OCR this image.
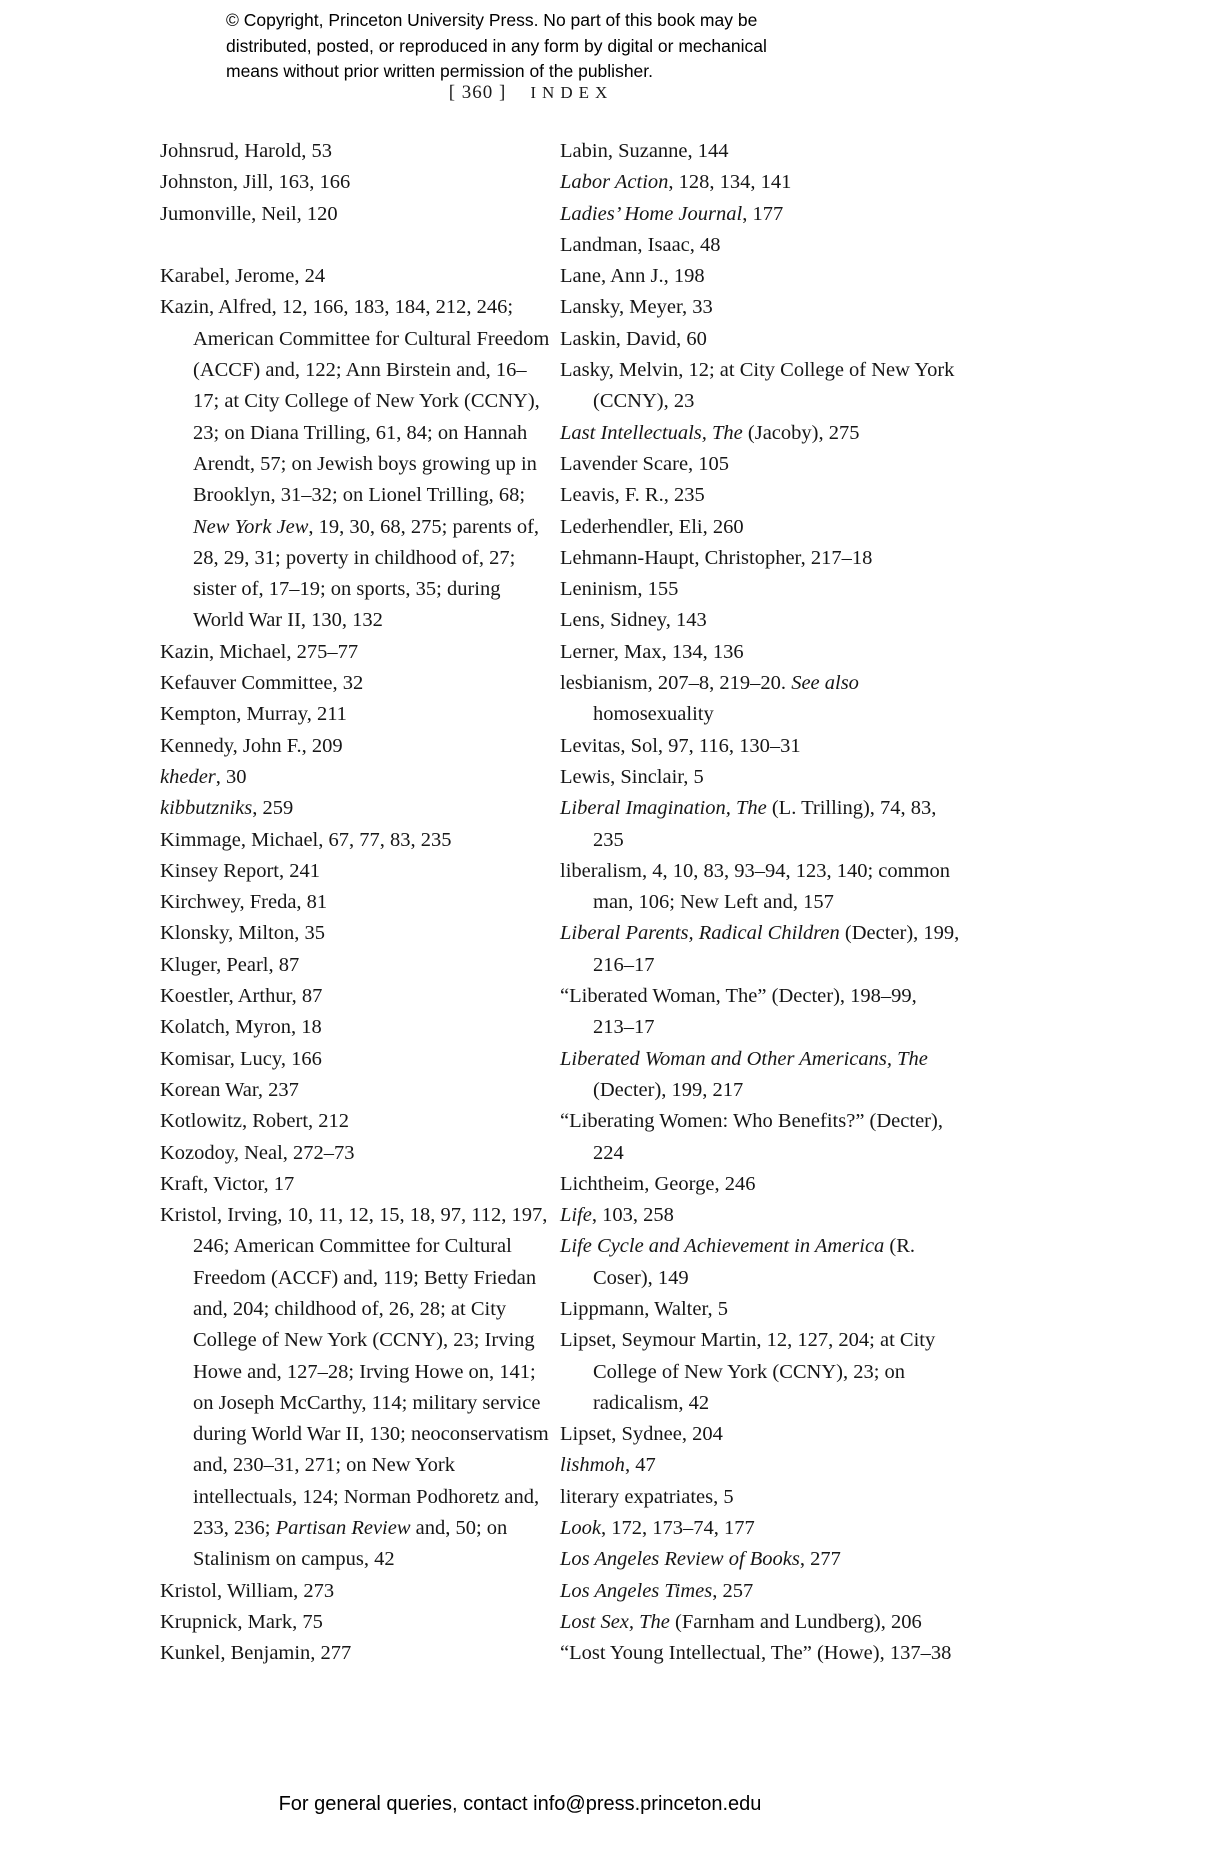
© Copyright, Princeton University Press. No part of this book may be
distributed, posted, or reproduced in any form by digital or mechanical
means without prior written permission of the publisher.
[ 360 ] INDEX
Johnsrud, Harold, 53
Johnston, Jill, 163, 166
Jumonville, Neil, 120
Karabel, Jerome, 24
Kazin, Alfred, 12, 166, 183, 184, 212, 246; American Committee for Cultural Freedom (ACCF) and, 122; Ann Birstein and, 16–17; at City College of New York (CCNY), 23; on Diana Trilling, 61, 84; on Hannah Arendt, 57; on Jewish boys growing up in Brooklyn, 31–32; on Lionel Trilling, 68; New York Jew, 19, 30, 68, 275; parents of, 28, 29, 31; poverty in childhood of, 27; sister of, 17–19; on sports, 35; during World War II, 130, 132
Kazin, Michael, 275–77
Kefauver Committee, 32
Kempton, Murray, 211
Kennedy, John F., 209
kheder, 30
kibbutzniks, 259
Kimmage, Michael, 67, 77, 83, 235
Kinsey Report, 241
Kirchwey, Freda, 81
Klonsky, Milton, 35
Kluger, Pearl, 87
Koestler, Arthur, 87
Kolatch, Myron, 18
Komisar, Lucy, 166
Korean War, 237
Kotlowitz, Robert, 212
Kozodoy, Neal, 272–73
Kraft, Victor, 17
Kristol, Irving, 10, 11, 12, 15, 18, 97, 112, 197, 246; American Committee for Cultural Freedom (ACCF) and, 119; Betty Friedan and, 204; childhood of, 26, 28; at City College of New York (CCNY), 23; Irving Howe and, 127–28; Irving Howe on, 141; on Joseph McCarthy, 114; military service during World War II, 130; neoconservatism and, 230–31, 271; on New York intellectuals, 124; Norman Podhoretz and, 233, 236; Partisan Review and, 50; on Stalinism on campus, 42
Kristol, William, 273
Krupnick, Mark, 75
Kunkel, Benjamin, 277
Labin, Suzanne, 144
Labor Action, 128, 134, 141
Ladies’ Home Journal, 177
Landman, Isaac, 48
Lane, Ann J., 198
Lansky, Meyer, 33
Laskin, David, 60
Lasky, Melvin, 12; at City College of New York (CCNY), 23
Last Intellectuals, The (Jacoby), 275
Lavender Scare, 105
Leavis, F. R., 235
Lederhendler, Eli, 260
Lehmann-Haupt, Christopher, 217–18
Leninism, 155
Lens, Sidney, 143
Lerner, Max, 134, 136
lesbianism, 207–8, 219–20. See also homosexuality
Levitas, Sol, 97, 116, 130–31
Lewis, Sinclair, 5
Liberal Imagination, The (L. Trilling), 74, 83, 235
liberalism, 4, 10, 83, 93–94, 123, 140; common man, 106; New Left and, 157
Liberal Parents, Radical Children (Decter), 199, 216–17
“Liberated Woman, The” (Decter), 198–99, 213–17
Liberated Woman and Other Americans, The (Decter), 199, 217
“Liberating Women: Who Benefits?” (Decter), 224
Lichtheim, George, 246
Life, 103, 258
Life Cycle and Achievement in America (R. Coser), 149
Lippmann, Walter, 5
Lipset, Seymour Martin, 12, 127, 204; at City College of New York (CCNY), 23; on radicalism, 42
Lipset, Sydnee, 204
lishmoh, 47
literary expatriates, 5
Look, 172, 173–74, 177
Los Angeles Review of Books, 277
Los Angeles Times, 257
Lost Sex, The (Farnham and Lundberg), 206
“Lost Young Intellectual, The” (Howe), 137–38
For general queries, contact info@press.princeton.edu
